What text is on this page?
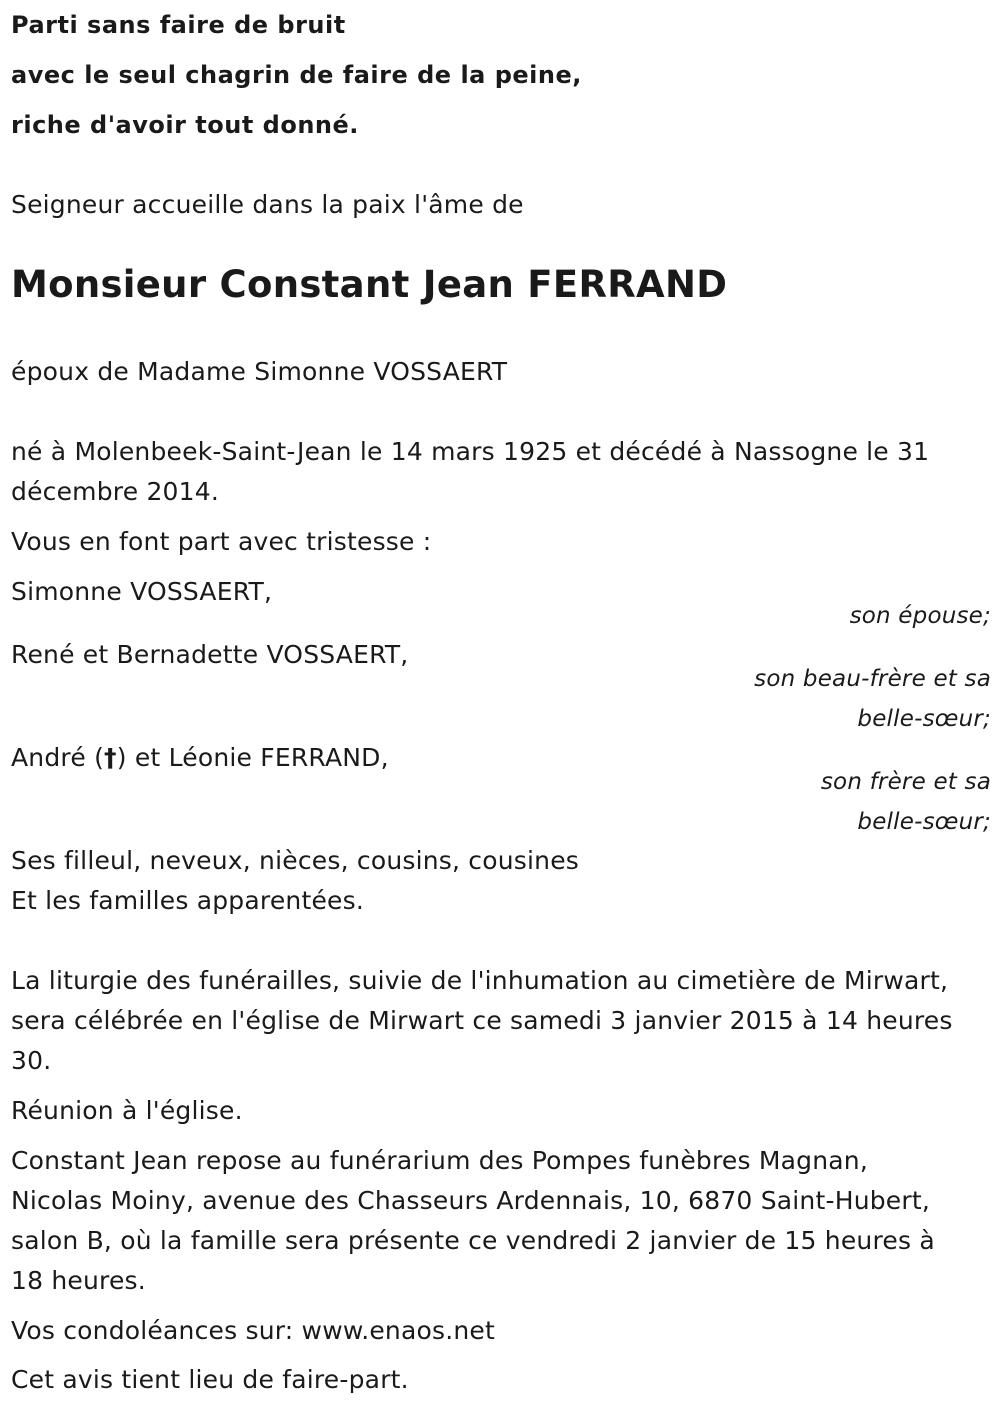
Parti sans faire de bruit
avec le seul chagrin de faire de la peine,
riche d'avoir tout donné.
Seigneur accueille dans la paix l'âme de
Monsieur Constant Jean FERRAND
époux de Madame Simonne VOSSAERT
né à Molenbeek-Saint-Jean le 14 mars 1925 et décédé à Nassogne le 31
décembre 2014.
Vous en font part avec tristesse :
Simonne VOSSAERT,
son épouse;
René et Bernadette VOSSAERT,
son beau-frère et sa
belle-sœur;
André (†) et Léonie FERRAND,
son frère et sa
belle-sœur;
Ses filleul, neveux, nièces, cousins, cousines
Et les familles apparentées.
La liturgie des funérailles, suivie de l'inhumation au cimetière de Mirwart,
sera célébrée en l'église de Mirwart ce samedi 3 janvier 2015 à 14 heures
30.
Réunion à l'église.
Constant Jean repose au funérarium des Pompes funèbres Magnan,
Nicolas Moiny, avenue des Chasseurs Ardennais, 10, 6870 Saint-Hubert,
salon B, où la famille sera présente ce vendredi 2 janvier de 15 heures à
18 heures.
Vos condoléances sur: www.enaos.net
Cet avis tient lieu de faire-part.
